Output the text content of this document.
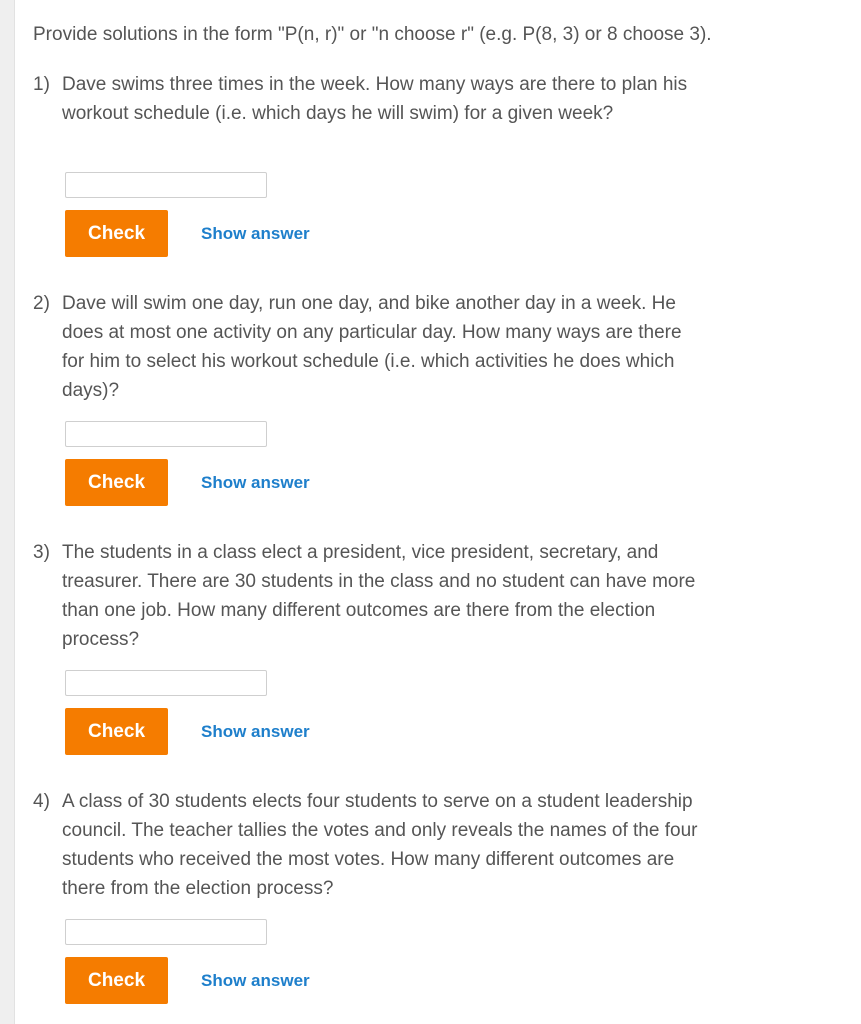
Provide solutions in the form "P(n, r)" or "n choose r" (e.g. P(8, 3) or 8 choose 3).
1) Dave swims three times in the week. How many ways are there to plan his workout schedule (i.e. which days he will swim) for a given week?
Check	Show answer
2) Dave will swim one day, run one day, and bike another day in a week. He does at most one activity on any particular day. How many ways are there for him to select his workout schedule (i.e. which activities he does which days)?
Check	Show answer
3) The students in a class elect a president, vice president, secretary, and treasurer. There are 30 students in the class and no student can have more than one job. How many different outcomes are there from the election process?
Check	Show answer
4) A class of 30 students elects four students to serve on a student leadership council. The teacher tallies the votes and only reveals the names of the four students who received the most votes. How many different outcomes are there from the election process?
Check	Show answer
